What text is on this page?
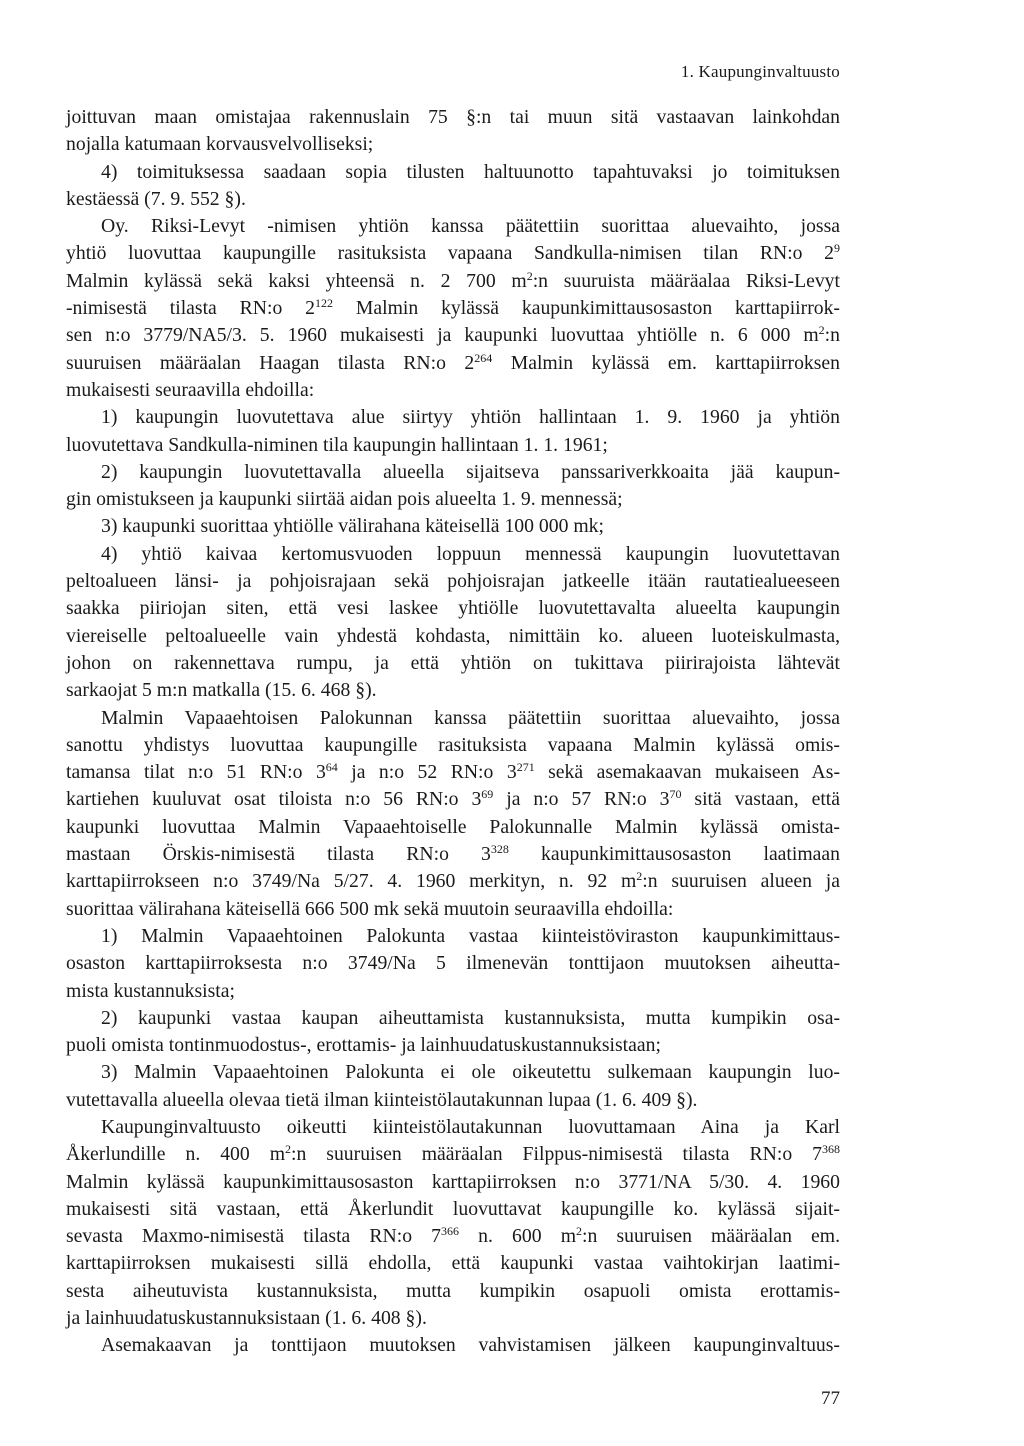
1. Kaupunginvaltuusto
joittuvan maan omistajaa rakennuslain 75 §:n tai muun sitä vastaavan lainkohdan
nojalla katumaan korvausvelvolliseksi;
4) toimituksessa saadaan sopia tilusten haltuunotto tapahtuvaksi jo toimituksen
kestäessä (7. 9. 552 §).
Oy. Riksi-Levyt -nimisen yhtiön kanssa päätettiin suorittaa aluevaihto, jossa
yhtiö luovuttaa kaupungille rasituksista vapaana Sandkulla-nimisen tilan RN:o $2^9$
Malmin kylässä sekä kaksi yhteensä n. 2 700 $m^2:n$ suuruista määräalaa Riksi-Levyt
-nimisestä tilasta RN:o $2^{122}$ Malmin kylässä kaupunkimittausosaston karttapiirrok-
sen n:o 3779/NA5/3. 5. 1960 mukaisesti ja kaupunki luovuttaa yhtiölle n. 6 000 $m^2:n$
suuruisen määräalan Haagan tilasta RN:o $2^{264}$ Malmin kylässä em. karttapiirroksen
mukaisesti seuraavilla ehdoilla:
1) kaupungin luovutettava alue siirtyy yhtiön hallintaan 1. 9. 1960 ja yhtiön
luovutettava Sandkulla-niminen tila kaupungin hallintaan 1. 1. 1961;
2) kaupungin luovutettavalla alueella sijaitseva panssariverkkoaita jää kaupun-
gin omistukseen ja kaupunki siirtää aidan pois alueelta 1. 9. mennessä;
3) kaupunki suorittaa yhtiölle välirahana käteisellä 100 000 mk;
4) yhtiö kaivaa kertomusvuoden loppuun mennessä kaupungin luovutettavan
peltoalueen länsi- ja pohjoisrajaan sekä pohjoisrajan jatkeelle itään rautatiealueeseen
saakka piiriojan siten, että vesi laskee yhtiölle luovutettavalta alueelta kaupungin
viereiselle peltoalueelle vain yhdestä kohdasta, nimittäin ko. alueen luoteiskulmasta,
johon on rakennettava rumpu, ja että yhtiön on tukittava piirirajoista lähtevät
sarkaojat 5 m:n matkalla (15. 6. 468 §).
Malmin Vapaaehtoisen Palokunnan kanssa päätettiin suorittaa aluevaihto, jossa
sanottu yhdistys luovuttaa kaupungille rasituksista vapaana Malmin kylässä omis-
tamansa tilat n:o 51 RN:o $3^{64}$ ja n:o 52 RN:o $3^{271}$ sekä asemakaavan mukaiseen As-
kartiehen kuuluvat osat tiloista n:o 56 RN:o $3^{69}$ ja n:o 57 RN:o $3^{70}$ sitä vastaan, että
kaupunki luovuttaa Malmin Vapaaehtoiselle Palokunnalle Malmin kylässä omista-
mastaan Örskis-nimisestä tilasta RN:o $3^{328}$ kaupunkimittausosaston laatimaan
karttapiirrokseen n:o 3749/Na 5/27. 4. 1960 merkityn, n. 92 $m^2:n$ suuruisen alueen ja
suorittaa välirahana käteisellä 666 500 mk sekä muutoin seuraavilla ehdoilla:
1) Malmin Vapaaehtoinen Palokunta vastaa kiinteistöviraston kaupunkimittaus-
osaston karttapiirroksesta n:o 3749/Na 5 ilmenevän tonttijaon muutoksen aiheutta-
mista kustannuksista;
2) kaupunki vastaa kaupan aiheuttamista kustannuksista, mutta kumpikin osa-
puoli omista tontinmuodostus-, erottamis- ja lainhuudatuskustannuksistaan;
3) Malmin Vapaaehtoinen Palokunta ei ole oikeutettu sulkemaan kaupungin luo-
vutettavalla alueella olevaa tietä ilman kiinteistölautakunnan lupaa (1. 6. 409 §).
Kaupunginvaltuusto oikeutti kiinteistölautakunnan luovuttamaan Aina ja Karl
Åkerlundille n. 400 $m^2:n$ suuruisen määräalan Filppus-nimisestä tilasta RN:o $7^{368}$
Malmin kylässä kaupunkimittausosaston karttapiirroksen n:o 3771/NA 5/30. 4. 1960
mukaisesti sitä vastaan, että Åkerlundit luovuttavat kaupungille ko. kylässä sijait-
sevasta Maxmo-nimisestä tilasta RN:o $7^{366}$ n. 600 $m^2:n$ suuruisen määräalan em.
karttapiirroksen mukaisesti sillä ehdolla, että kaupunki vastaa vaihtokirjan laatimi-
sesta aiheutuvista kustannuksista, mutta kumpikin osapuoli omista erottamis-
ja lainhuudatuskustannuksistaan (1. 6. 408 §).
Asemakaavan ja tonttijaon muutoksen vahvistamisen jälkeen kaupunginvaltuus-
77
